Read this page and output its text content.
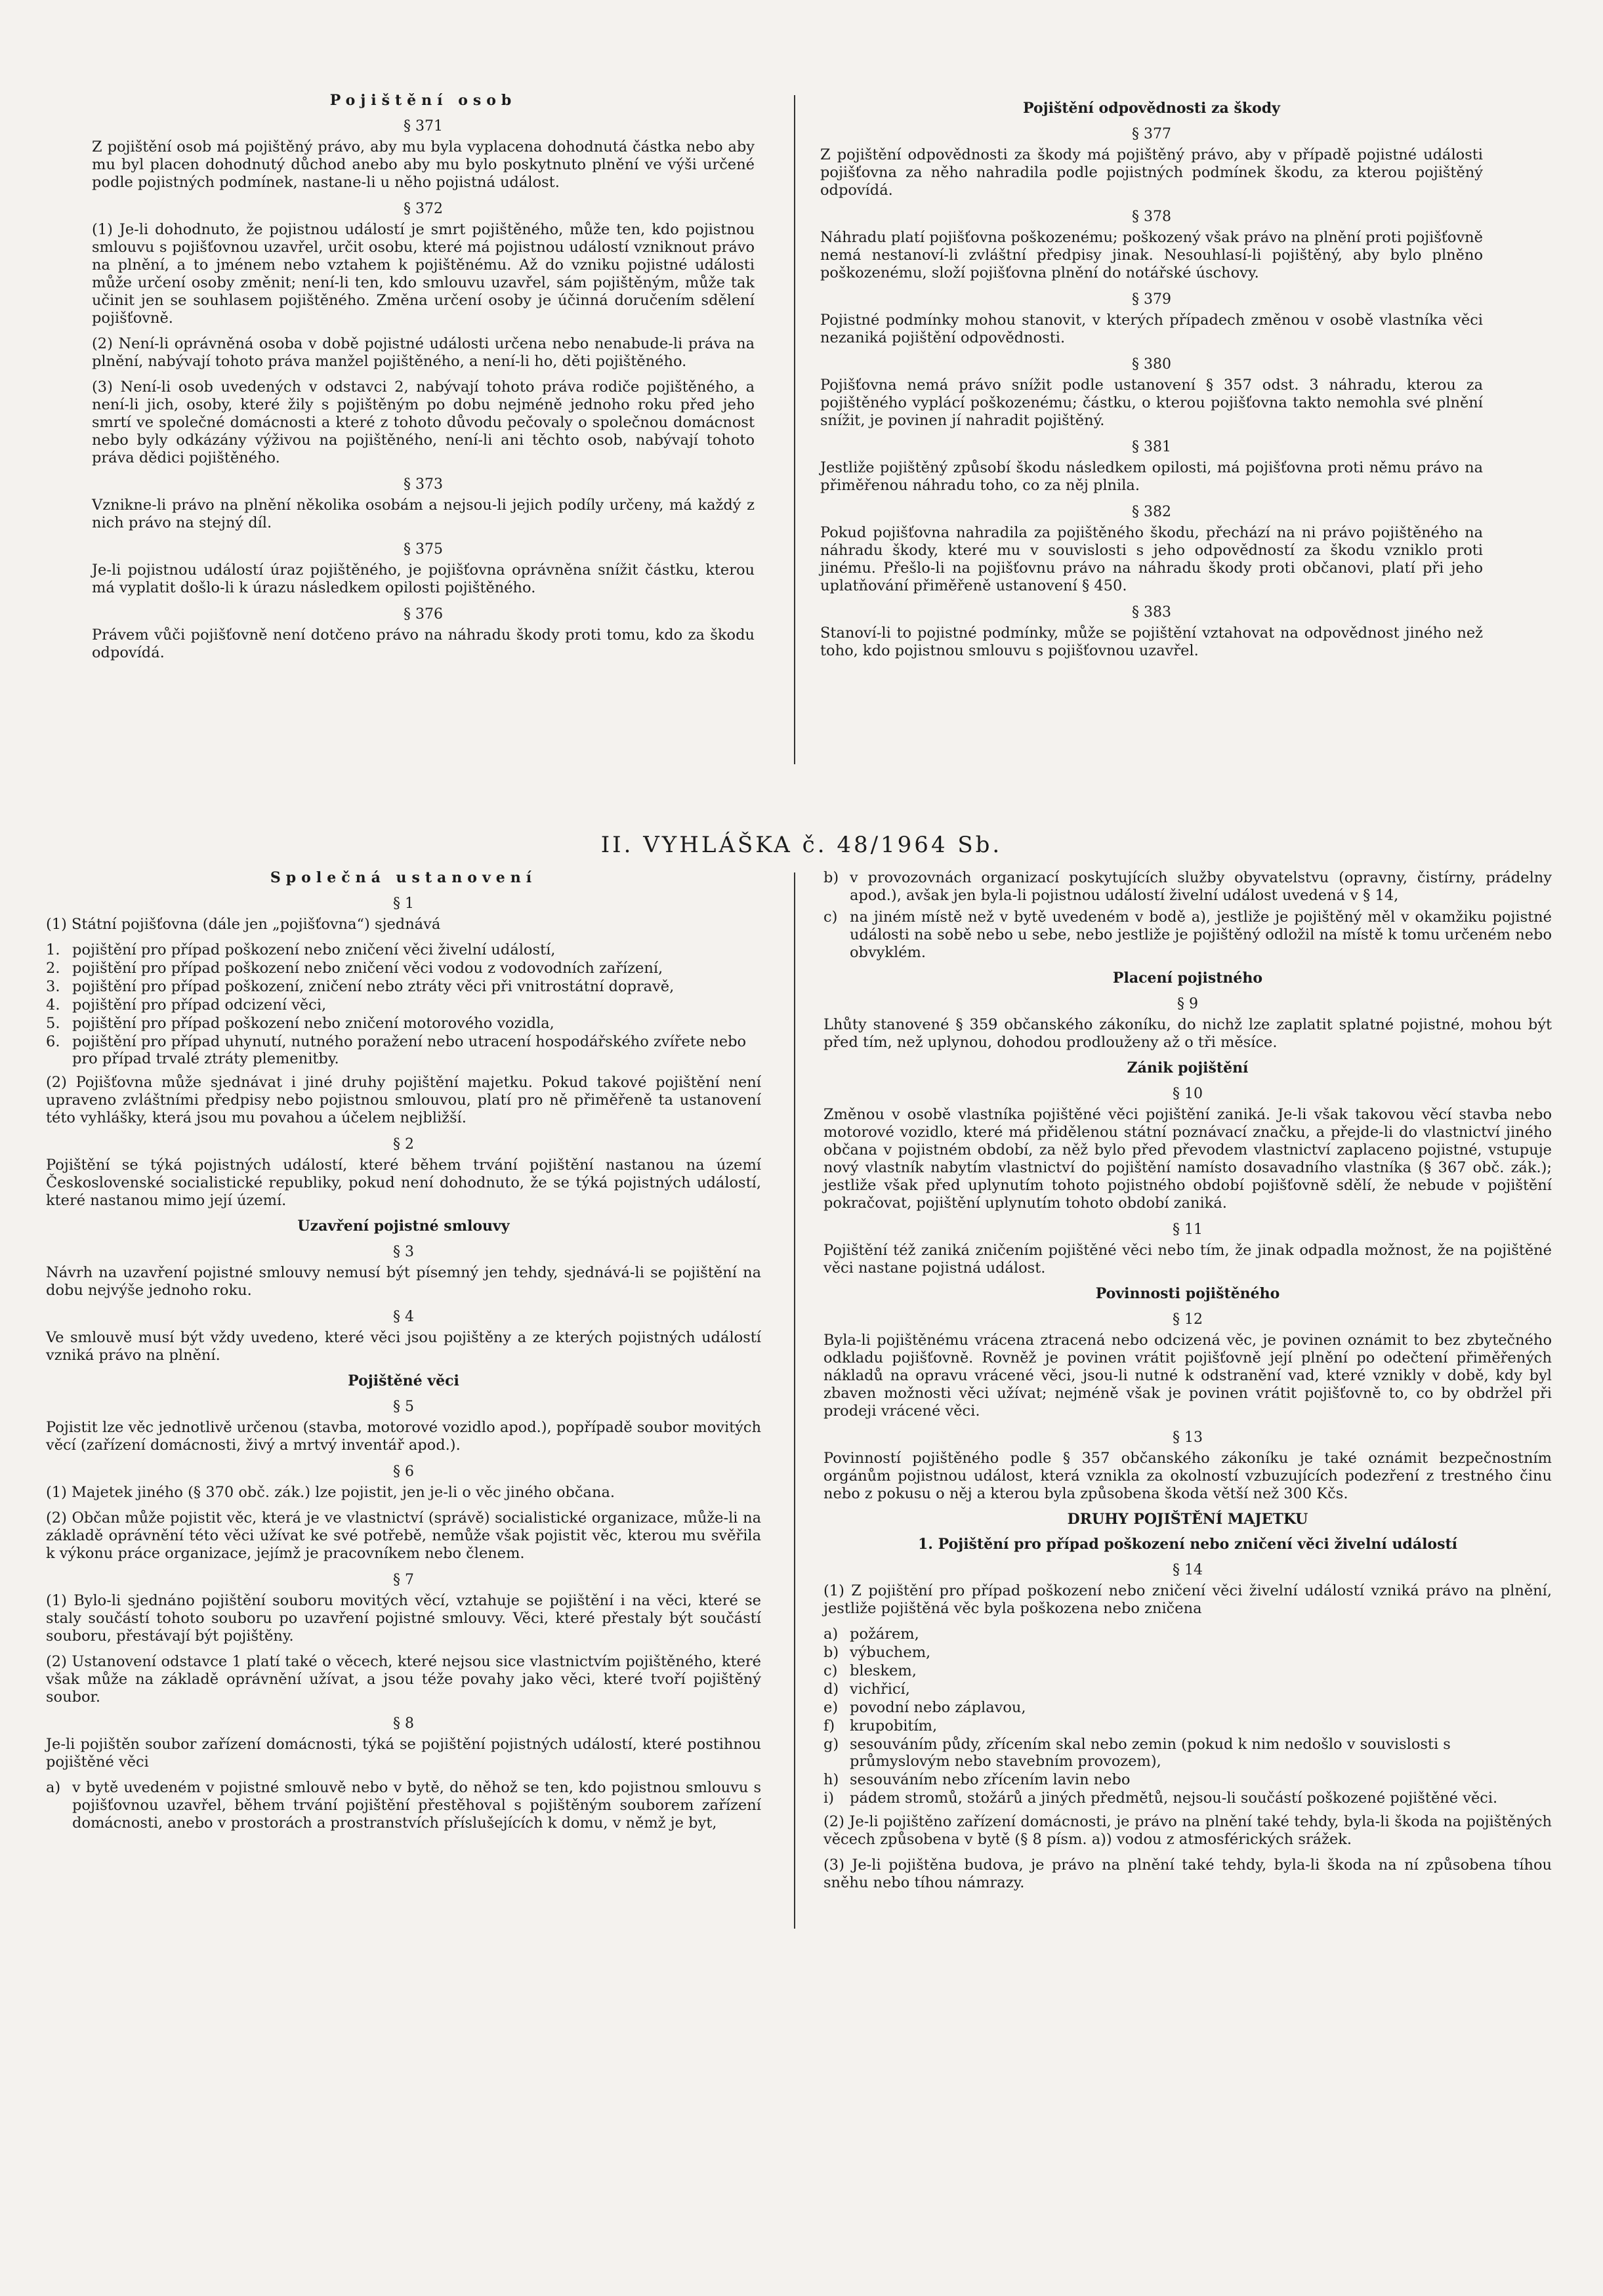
Pojištění osob
§ 371

Z pojištění osob má pojištěný právo, aby mu byla vyplacena dohodnutá částka nebo aby mu byl placen dohodnutý důchod anebo aby mu bylo poskytnuto plnění ve výši určené podle pojistných podmínek, nastane-li u něho pojistná událost.

§ 372

(1) Je-li dohodnuto, že pojistnou událostí je smrt pojištěného, může ten, kdo pojistnou smlouvu s pojišťovnou uzavřel, určit osobu, které má pojistnou událostí vzniknout právo na plnění, a to jménem nebo vztahem k pojištěnému. Až do vzniku pojistné události může určení osoby změnit; není-li ten, kdo smlouvu uzavřel, sám pojištěným, může tak učinit jen se souhlasem pojištěného. Změna určení osoby je účinná doručením sdělení pojišťovně.

(2) Není-li oprávněná osoba v době pojistné události určena nebo nenabude-li práva na plnění, nabývají tohoto práva manžel pojištěného, a není-li ho, děti pojištěného.

(3) Není-li osob uvedených v odstavci 2, nabývají tohoto práva rodiče pojištěného, a není-li jich, osoby, které žily s pojištěným po dobu nejméně jednoho roku před jeho smrtí ve společné domácnosti a které z tohoto důvodu pečovaly o společnou domácnost nebo byly odkázány výživou na pojištěného, není-li ani těchto osob, nabývají tohoto práva dědici pojištěného.

§ 373

Vznikne-li právo na plnění několika osobám a nejsou-li jejich podíly určeny, má každý z nich právo na stejný díl.

§ 375

Je-li pojistnou událostí úraz pojištěného, je pojišťovna oprávněna snížit částku, kterou má vyplatit došlo-li k úrazu následkem opilosti pojištěného.

§ 376

Právem vůči pojišťovně není dotčeno právo na náhradu škody proti tomu, kdo za škodu odpovídá.

Pojištění odpovědnosti za škody
§ 377

Z pojištění odpovědnosti za škody má pojištěný právo, aby v případě pojistné události pojišťovna za něho nahradila podle pojistných podmínek škodu, za kterou pojištěný odpovídá.

§ 378

Náhradu platí pojišťovna poškozenému; poškozený však právo na plnění proti pojišťovně nemá nestanoví-li zvláštní předpisy jinak. Nesouhlasí-li pojištěný, aby bylo plněno poškozenému, složí pojišťovna plnění do notářské úschovy.

§ 379

Pojistné podmínky mohou stanovit, v kterých případech změnou v osobě vlastníka věci nezaniká pojištění odpovědnosti.

§ 380

Pojišťovna nemá právo snížit podle ustanovení § 357 odst. 3 náhradu, kterou za pojištěného vyplácí poškozenému; částku, o kterou pojišťovna takto nemohla své plnění snížit, je povinen jí nahradit pojištěný.

§ 381

Jestliže pojištěný způsobí škodu následkem opilosti, má pojišťovna proti němu právo na přiměřenou náhradu toho, co za něj plnila.

§ 382

Pokud pojišťovna nahradila za pojištěného škodu, přechází na ni právo pojištěného na náhradu škody, které mu v souvislosti s jeho odpovědností za škodu vzniklo proti jinému. Přešlo-li na pojišťovnu právo na náhradu škody proti občanovi, platí při jeho uplatňování přiměřeně ustanovení § 450.

§ 383

Stanoví-li to pojistné podmínky, může se pojištění vztahovat na odpovědnost jiného než toho, kdo pojistnou smlouvu s pojišťovnou uzavřel.

II. VYHLÁŠKA č. 48/1964 Sb.
Společná ustanovení
§ 1

(1) Státní pojišťovna (dále jen „pojišťovna“) sjednává

1. pojištění pro případ poškození nebo zničení věci živelní událostí,
2. pojištění pro případ poškození nebo zničení věci vodou z vodovodních zařízení,
3. pojištění pro případ poškození, zničení nebo ztráty věci při vnitrostátní dopravě,
4. pojištění pro případ odcizení věci,
5. pojištění pro případ poškození nebo zničení motorového vozidla,
6. pojištění pro případ uhynutí, nutného poražení nebo utracení hospodářského zvířete nebo pro případ trvalé ztráty plemenitby.

(2) Pojišťovna může sjednávat i jiné druhy pojištění majetku. Pokud takové pojištění není upraveno zvláštními předpisy nebo pojistnou smlouvou, platí pro ně přiměřeně ta ustanovení této vyhlášky, která jsou mu povahou a účelem nejbližší.

§ 2

Pojištění se týká pojistných událostí, které během trvání pojištění nastanou na území Československé socialistické republiky, pokud není dohodnuto, že se týká pojistných událostí, které nastanou mimo její území.

Uzavření pojistné smlouvy
§ 3

Návrh na uzavření pojistné smlouvy nemusí být písemný jen tehdy, sjednává-li se pojištění na dobu nejvýše jednoho roku.

§ 4

Ve smlouvě musí být vždy uvedeno, které věci jsou pojištěny a ze kterých pojistných událostí vzniká právo na plnění.

Pojištěné věci
§ 5

Pojistit lze věc jednotlivě určenou (stavba, motorové vozidlo apod.), popřípadě soubor movitých věcí (zařízení domácnosti, živý a mrtvý inventář apod.).

§ 6

(1) Majetek jiného (§ 370 obč. zák.) lze pojistit, jen je-li o věc jiného občana.

(2) Občan může pojistit věc, která je ve vlastnictví (správě) socialistické organizace, může-li na základě oprávnění této věci užívat ke své potřebě, nemůže však pojistit věc, kterou mu svěřila k výkonu práce organizace, jejímž je pracovníkem nebo členem.

§ 7

(1) Bylo-li sjednáno pojištění souboru movitých věcí, vztahuje se pojištění i na věci, které se staly součástí tohoto souboru po uzavření pojistné smlouvy. Věci, které přestaly být součástí souboru, přestávají být pojištěny.

(2) Ustanovení odstavce 1 platí také o věcech, které nejsou sice vlastnictvím pojištěného, které však může na základě oprávnění užívat, a jsou téže povahy jako věci, které tvoří pojištěný soubor.

§ 8

Je-li pojištěn soubor zařízení domácnosti, týká se pojištění pojistných událostí, které postihnou pojištěné věci

a) v bytě uvedeném v pojistné smlouvě nebo v bytě, do něhož se ten, kdo pojistnou smlouvu s pojišťovnou uzavřel, během trvání pojištění přestěhoval s pojištěným souborem zařízení domácnosti, anebo v prostorách a prostranstvích příslušejících k domu, v němž je byt,
b) v provozovnách organizací poskytujících služby obyvatelstvu (opravny, čistírny, prádelny apod.), avšak jen byla-li pojistnou událostí živelní událost uvedená v § 14,
c) na jiném místě než v bytě uvedeném v bodě a), jestliže je pojištěný měl v okamžiku pojistné události na sobě nebo u sebe, nebo jestliže je pojištěný odložil na místě k tomu určeném nebo obvyklém.
Placení pojistného
§ 9

Lhůty stanovené § 359 občanského zákoníku, do nichž lze zaplatit splatné pojistné, mohou být před tím, než uplynou, dohodou prodlouženy až o tři měsíce.

Zánik pojištění
§ 10

Změnou v osobě vlastníka pojištěné věci pojištění zaniká. Je-li však takovou věcí stavba nebo motorové vozidlo, které má přidělenou státní poznávací značku, a přejde-li do vlastnictví jiného občana v pojistném období, za něž bylo před převodem vlastnictví zaplaceno pojistné, vstupuje nový vlastník nabytím vlastnictví do pojištění namísto dosavadního vlastníka (§ 367 obč. zák.); jestliže však před uplynutím tohoto pojistného období pojišťovně sdělí, že nebude v pojištění pokračovat, pojištění uplynutím tohoto období zaniká.

§ 11

Pojištění též zaniká zničením pojištěné věci nebo tím, že jinak odpadla možnost, že na pojištěné věci nastane pojistná událost.

Povinnosti pojištěného
§ 12

Byla-li pojištěnému vrácena ztracená nebo odcizená věc, je povinen oznámit to bez zbytečného odkladu pojišťovně. Rovněž je povinen vrátit pojišťovně její plnění po odečtení přiměřených nákladů na opravu vrácené věci, jsou-li nutné k odstranění vad, které vznikly v době, kdy byl zbaven možnosti věci užívat; nejméně však je povinen vrátit pojišťovně to, co by obdržel při prodeji vrácené věci.

§ 13

Povinností pojištěného podle § 357 občanského zákoníku je také oznámit bezpečnostním orgánům pojistnou událost, která vznikla za okolností vzbuzujících podezření z trestného činu nebo z pokusu o něj a kterou byla způsobena škoda větší než 300 Kčs.

DRUHY POJIŠTĚNÍ MAJETKU
1. Pojištění pro případ poškození nebo zničení věci živelní událostí
§ 14

(1) Z pojištění pro případ poškození nebo zničení věci živelní událostí vzniká právo na plnění, jestliže pojištěná věc byla poškozena nebo zničena

a) požárem,
b) výbuchem,
c) bleskem,
d) vichřicí,
e) povodní nebo záplavou,
f)	krupobitím,
g) sesouváním půdy, zřícením skal nebo zemin (pokud k nim nedošlo v souvislosti s průmyslovým nebo stavebním provozem),
h) sesouváním nebo zřícením lavin nebo
i)	pádem stromů, stožárů a jiných předmětů, nejsou-li součástí poškozené pojištěné věci.

(2) Je-li pojištěno zařízení domácnosti, je právo na plnění také tehdy, byla-li škoda na pojištěných věcech způsobena v bytě (§ 8 písm. a)) vodou z atmosférických srážek.

(3) Je-li pojištěna budova, je právo na plnění také tehdy, byla-li škoda na ní způsobena tíhou sněhu nebo tíhou námrazy.
